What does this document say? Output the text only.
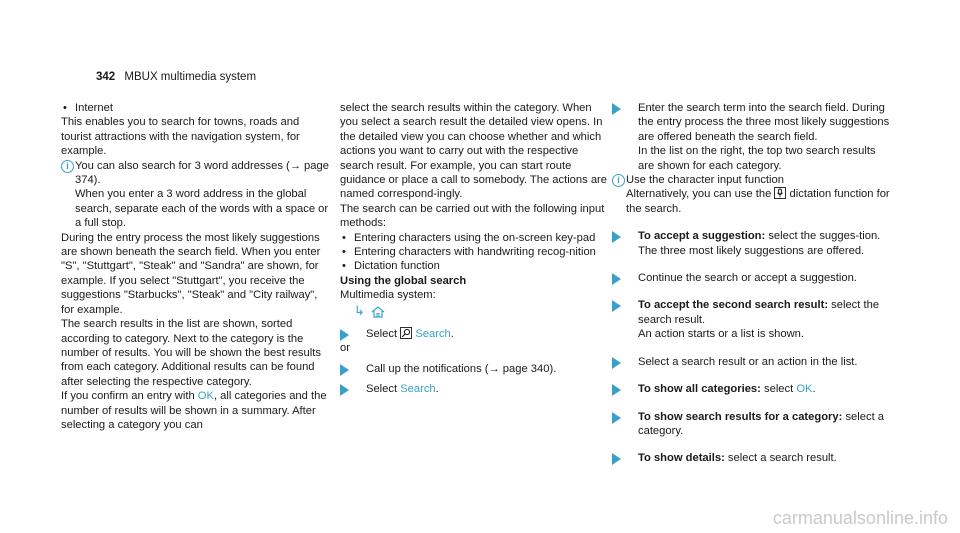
342 MBUX multimedia system
• Internet
This enables you to search for towns, roads and tourist attractions with the navigation system, for example.
i You can also search for 3 word addresses (→ page 374).
When you enter a 3 word address in the global search, separate each of the words with a space or a full stop.
During the entry process the most likely suggestions are shown beneath the search field. When you enter "S", "Stuttgart", "Steak" and "Sandra" are shown, for example. If you select "Stuttgart", you receive the suggestions "Starbucks", "Steak" and "City railway", for example.
The search results in the list are shown, sorted according to category. Next to the category is the number of results. You will be shown the best results from each category. Additional results can be found after selecting the respective category.
If you confirm an entry with OK, all categories and the number of results will be shown in a summary. After selecting a category you can
select the search results within the category. When you select a search result the detailed view opens. In the detailed view you can choose whether and which actions you want to carry out with the respective search result. For example, you can start route guidance or place a call to somebody. The actions are named correspond-ingly.
The search can be carried out with the following input methods:
• Entering characters using the on-screen key-pad
• Entering characters with handwriting recog-nition
• Dictation function
Using the global search
Multimedia system:
↳
Select  Search.
or
Call up the notifications (→ page 340).
Select Search.
Enter the search term into the search field. During the entry process the three most likely suggestions are offered beneath the search field.
In the list on the right, the top two search results are shown for each category.
i Use the character input function
Alternatively, you can use the  dictation function for the search.
To accept a suggestion: select the sugges-tion.
The three most likely suggestions are offered.
Continue the search or accept a suggestion.
To accept the second search result: select the search result.
An action starts or a list is shown.
Select a search result or an action in the list.
To show all categories: select OK.
To show search results for a category: select a category.
To show details: select a search result.
carmanualsonline.info
